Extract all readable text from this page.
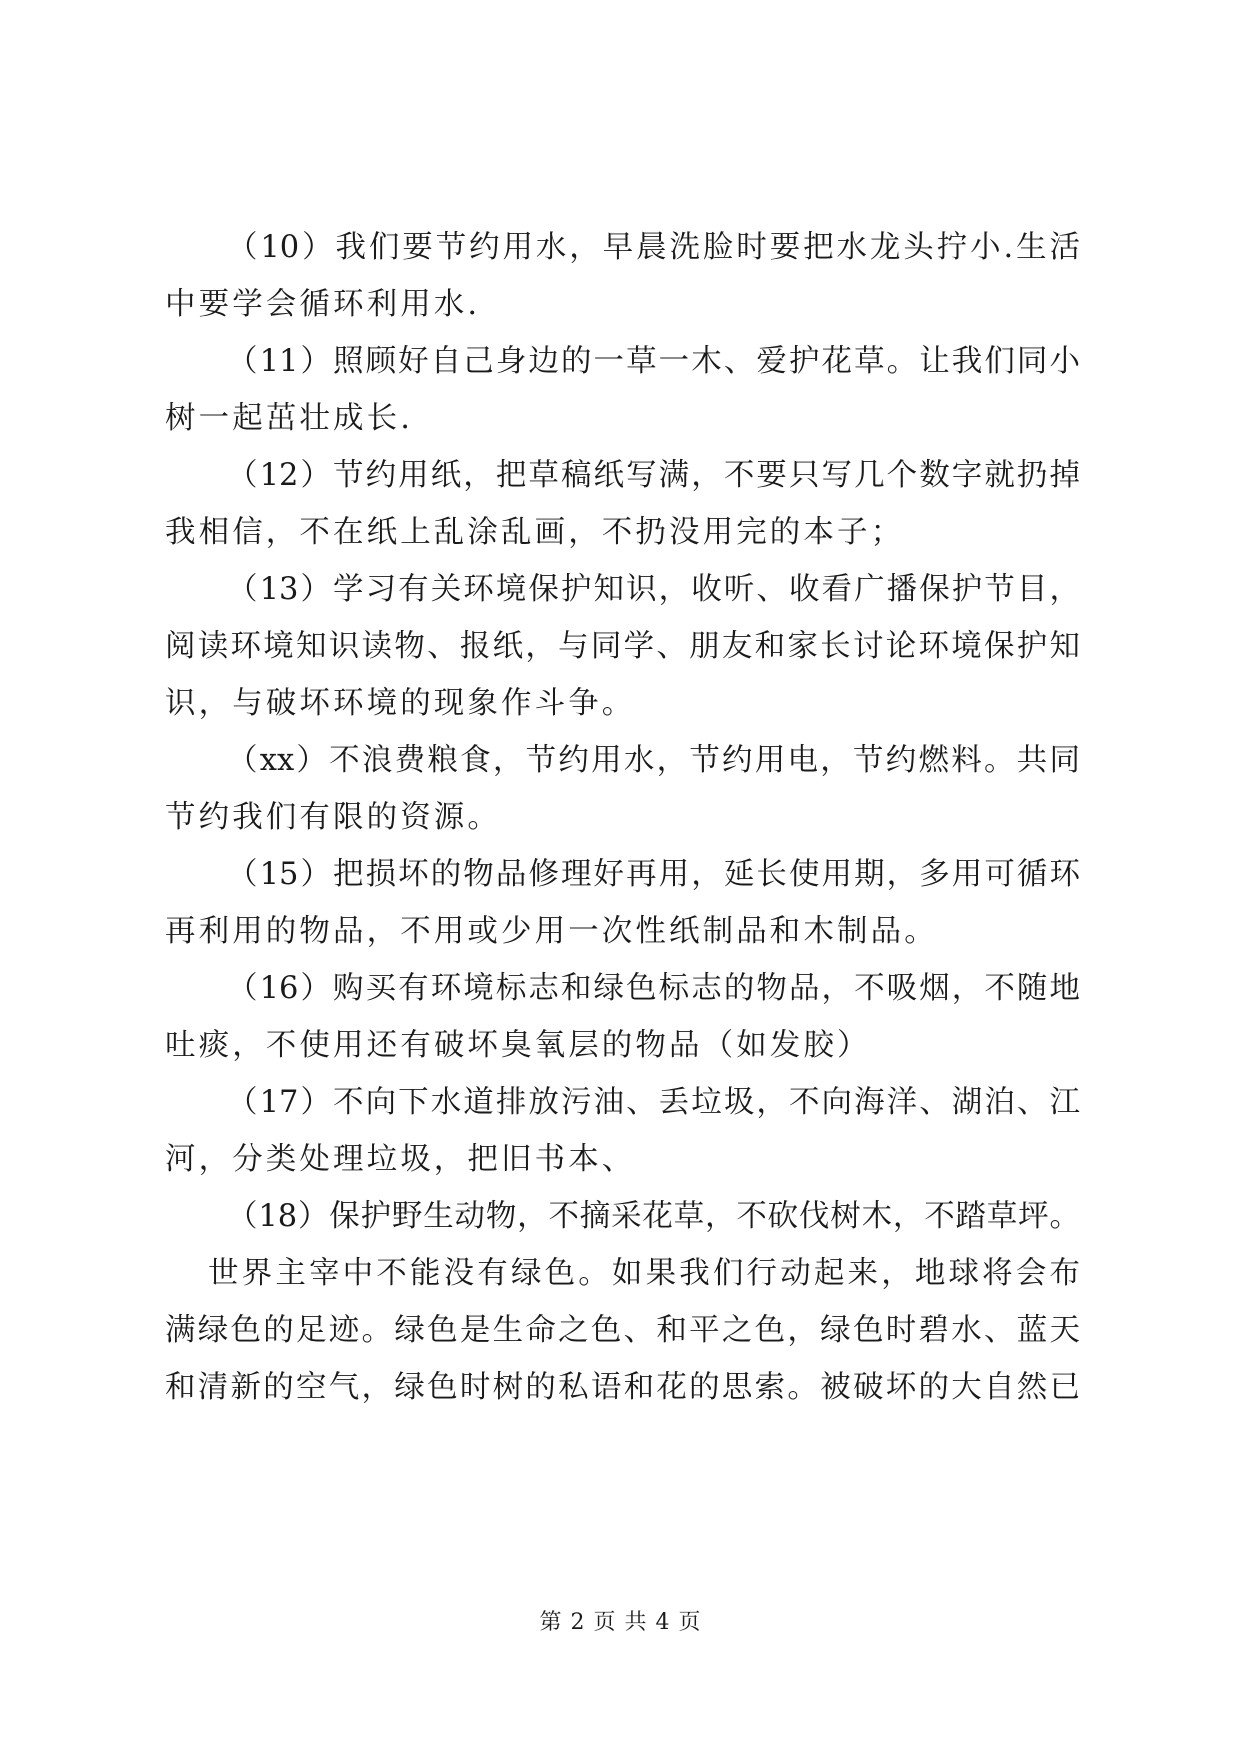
（10）我们要节约用水，早晨洗脸时要把水龙头拧小.生活
中要学会循环利用水.
（11）照顾好自己身边的一草一木、爱护花草。让我们同小
树一起茁壮成长.
（12）节约用纸，把草稿纸写满，不要只写几个数字就扔掉
我相信，不在纸上乱涂乱画，不扔没用完的本子；
（13）学习有关环境保护知识，收听、收看广播保护节目，
阅读环境知识读物、报纸，与同学、朋友和家长讨论环境保护知
识，与破坏环境的现象作斗争。
（xx）不浪费粮食，节约用水，节约用电，节约燃料。共同
节约我们有限的资源。
（15）把损坏的物品修理好再用，延长使用期，多用可循环
再利用的物品，不用或少用一次性纸制品和木制品。
（16）购买有环境标志和绿色标志的物品，不吸烟，不随地
吐痰，不使用还有破坏臭氧层的物品（如发胶）
（17）不向下水道排放污油、丢垃圾，不向海洋、湖泊、江
河，分类处理垃圾，把旧书本、
（18）保护野生动物，不摘采花草，不砍伐树木，不踏草坪。
世界主宰中不能没有绿色。如果我们行动起来，地球将会布
满绿色的足迹。绿色是生命之色、和平之色，绿色时碧水、蓝天
和清新的空气，绿色时树的私语和花的思索。被破坏的大自然已
第 2 页 共 4 页
